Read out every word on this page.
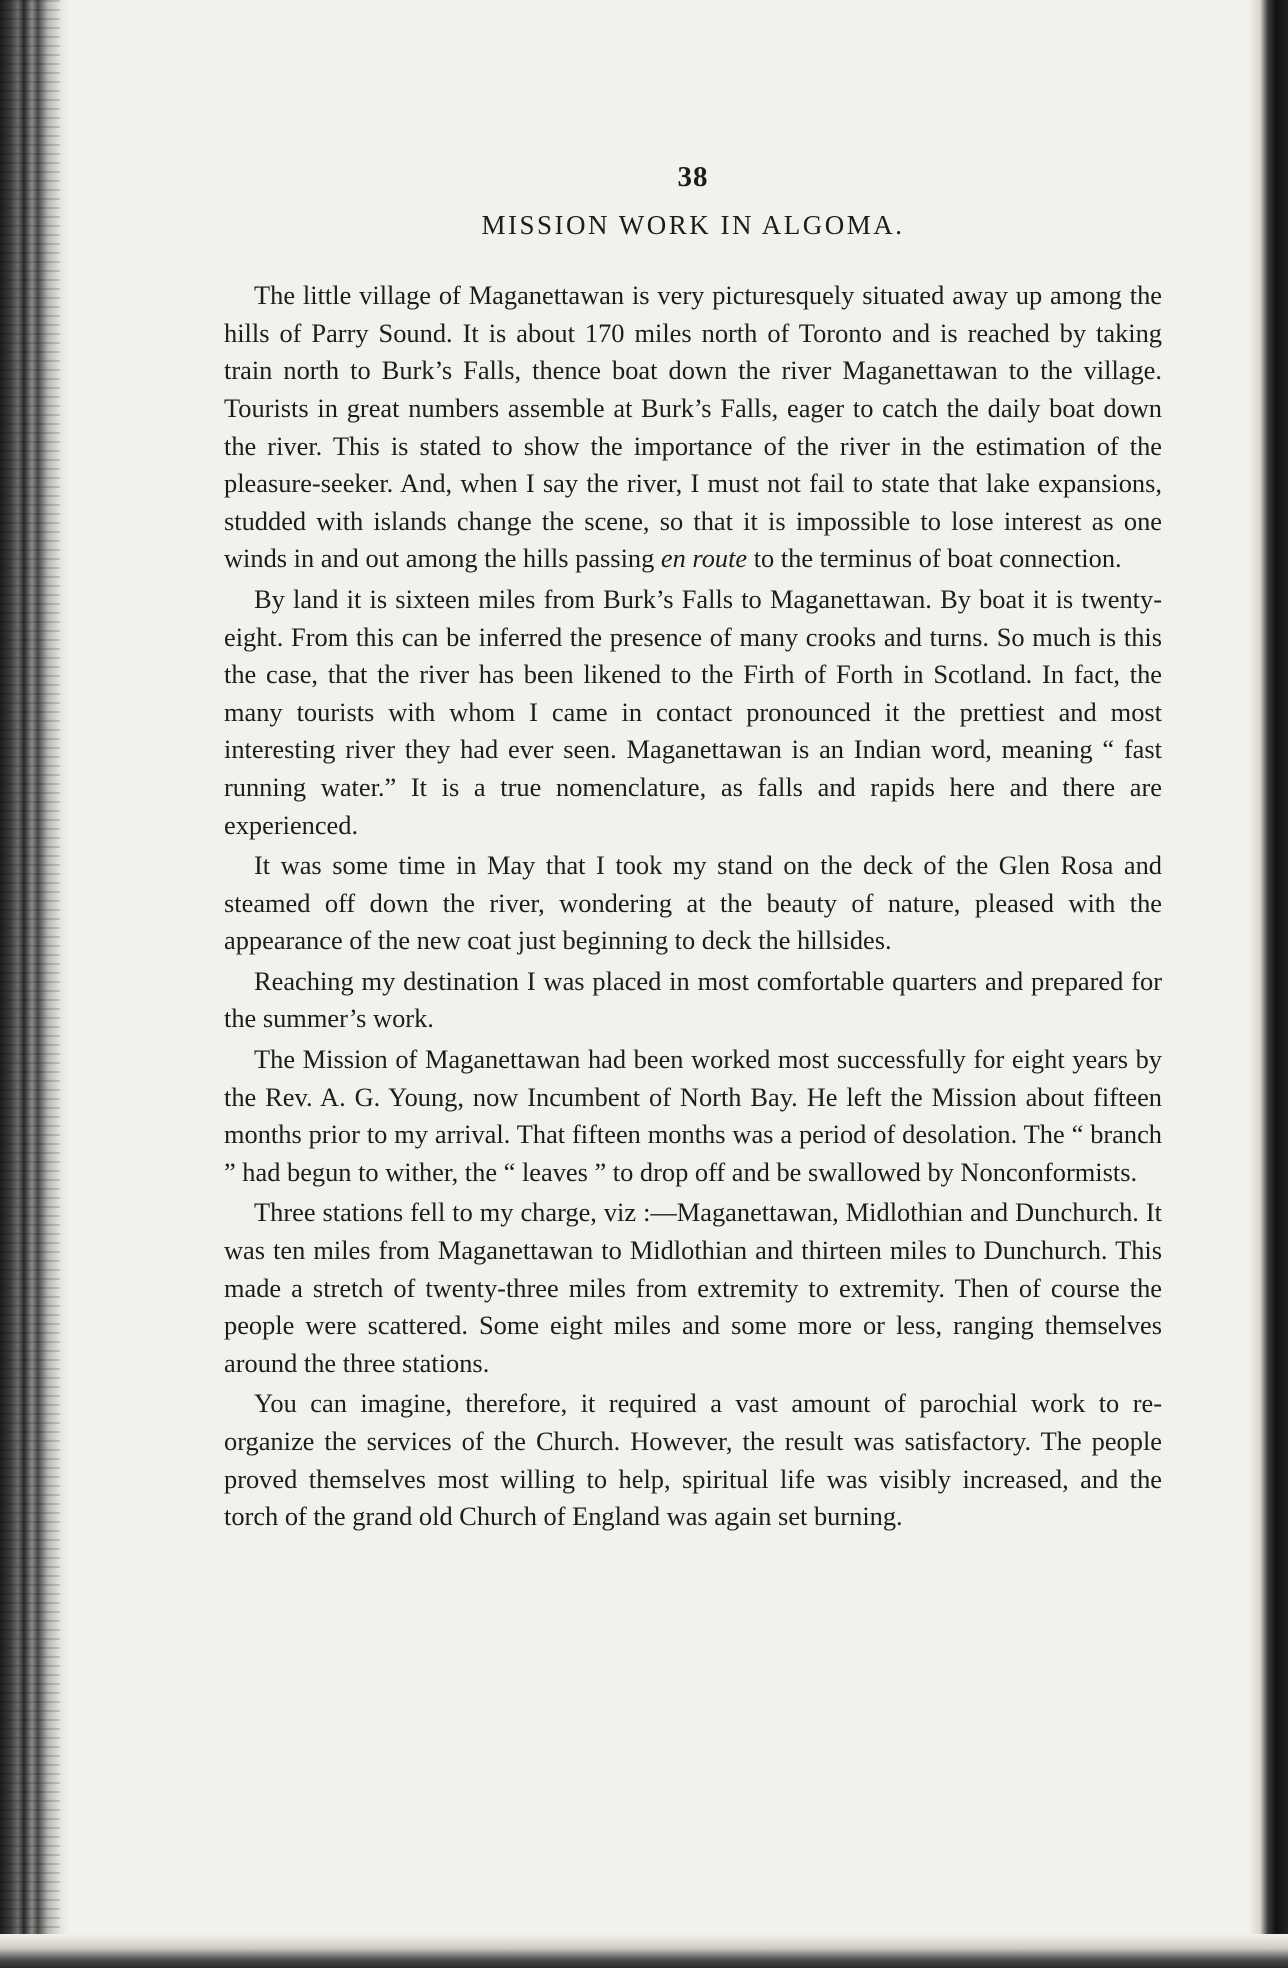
38
MISSION WORK IN ALGOMA.

The little village of Maganettawan is very picturesquely situated away up among the hills of Parry Sound. It is about 170 miles north of Toronto and is reached by taking train north to Burk’s Falls, thence boat down the river Maganettawan to the village. Tourists in great numbers assemble at Burk’s Falls, eager to catch the daily boat down the river. This is stated to show the importance of the river in the estimation of the pleasure-seeker. And, when I say the river, I must not fail to state that lake expansions, studded with islands change the scene, so that it is impossible to lose interest as one winds in and out among the hills passing en route to the terminus of boat connection.

By land it is sixteen miles from Burk’s Falls to Maganettawan. By boat it is twenty-eight. From this can be inferred the presence of many crooks and turns. So much is this the case, that the river has been likened to the Firth of Forth in Scotland. In fact, the many tourists with whom I came in contact pronounced it the prettiest and most interesting river they had ever seen. Maganettawan is an Indian word, meaning “ fast running water.” It is a true nomenclature, as falls and rapids here and there are experienced.

It was some time in May that I took my stand on the deck of the Glen Rosa and steamed off down the river, wondering at the beauty of nature, pleased with the appearance of the new coat just beginning to deck the hillsides.

Reaching my destination I was placed in most comfortable quarters and prepared for the summer’s work.

The Mission of Maganettawan had been worked most successfully for eight years by the Rev. A. G. Young, now Incumbent of North Bay. He left the Mission about fifteen months prior to my arrival. That fifteen months was a period of desolation. The “ branch ” had begun to wither, the “ leaves ” to drop off and be swallowed by Nonconformists.

Three stations fell to my charge, viz :—Maganettawan, Midlothian and Dunchurch. It was ten miles from Maganettawan to Midlothian and thirteen miles to Dunchurch. This made a stretch of twenty-three miles from extremity to extremity. Then of course the people were scattered. Some eight miles and some more or less, ranging themselves around the three stations.

You can imagine, therefore, it required a vast amount of parochial work to re-organize the services of the Church. However, the result was satisfactory. The people proved themselves most willing to help, spiritual life was visibly increased, and the torch of the grand old Church of England was again set burning.
